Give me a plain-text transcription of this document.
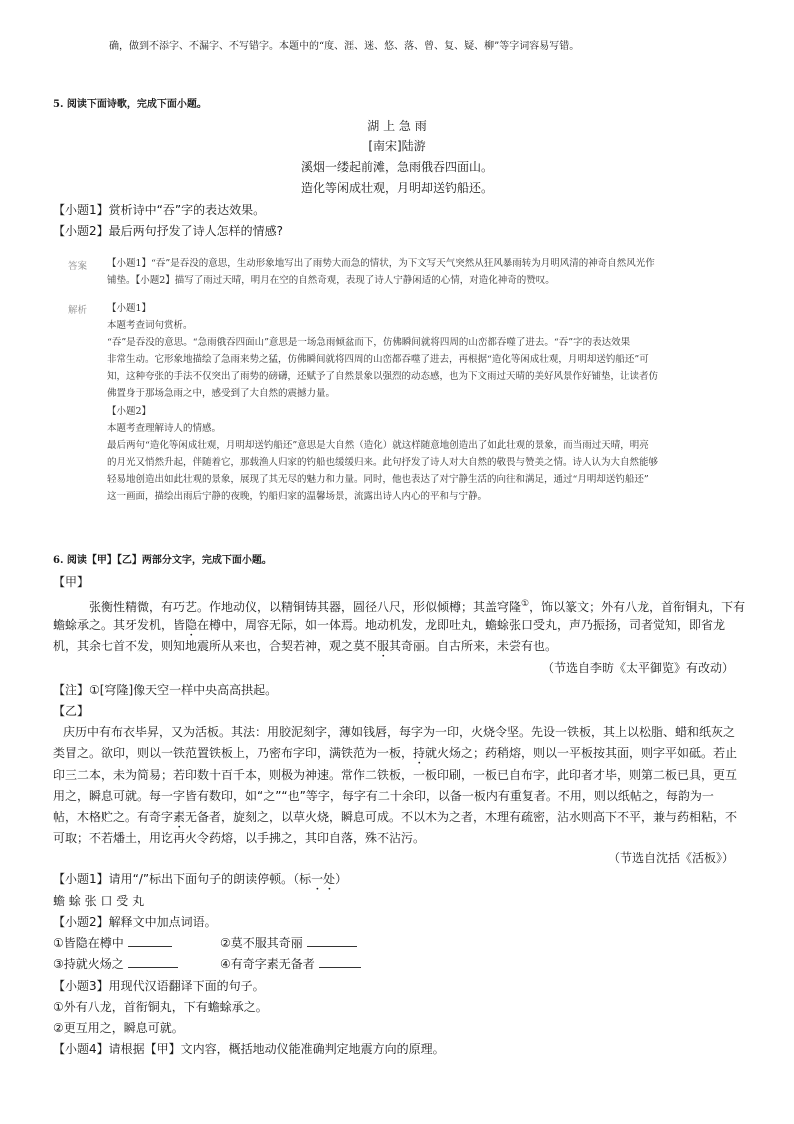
确，做到不添字、不漏字、不写错字。本题中的“度、涯、迷、悠、落、曾、复、疑、柳”等字词容易写错。

5. 阅读下面诗歌，完成下面小题。

湖 上 急 雨

[南宋]陆游

溪烟一缕起前滩，急雨俄吞四面山。

造化等闲成壮观，月明却送钓船还。

【小题1】赏析诗中“吞”字的表达效果。

【小题2】最后两句抒发了诗人怎样的情感?

答案 【小题1】“吞”是吞没的意思，生动形象地写出了雨势大而急的情状，为下文写天气突然从狂风暴雨转为月明风清的神奇自然风光作

铺垫。【小题2】描写了雨过天晴，明月在空的自然奇观，表现了诗人宁静闲适的心情，对造化神奇的赞叹。

解析 【小题1】
本题考查词句赏析。
“吞”是吞没的意思。“急雨俄吞四面山”意思是一场急雨倾盆而下，仿佛瞬间就将四周的山峦都吞噬了进去。“吞”字的表达效果
非常生动。它形象地描绘了急雨来势之猛，仿佛瞬间就将四周的山峦都吞噬了进去，再根据“造化等闲成壮观，月明却送钓船还”可
知，这种夸张的手法不仅突出了雨势的磅礴，还赋予了自然景象以强烈的动态感，也为下文雨过天晴的美好风景作好铺垫，让读者仿
佛置身于那场急雨之中，感受到了大自然的震撼力量。
【小题2】
本题考查理解诗人的情感。
最后两句“造化等闲成壮观，月明却送钓船还”意思是大自然（造化）就这样随意地创造出了如此壮观的景象，而当雨过天晴，明亮
的月光又悄然升起，伴随着它，那载渔人归家的钓船也缓缓归来。此句抒发了诗人对大自然的敬畏与赞美之情。诗人认为大自然能够
轻易地创造出如此壮观的景象，展现了其无尽的魅力和力量。同时，他也表达了对宁静生活的向往和满足，通过“月明却送钓船还”
这一画面，描绘出雨后宁静的夜晚，钓船归家的温馨场景，流露出诗人内心的平和与宁静。

6. 阅读【甲】【乙】两部分文字，完成下面小题。

【甲】

张衡性精微，有巧艺。作地动仪，以精铜铸其器，圆径八尺，形似倾樽；其盖穹隆①，饰以篆文；外有八龙，首衔铜丸，下有

蟾蜍承之。其牙发机，皆隐在樽中，周容无际，如一体焉。地动机发，龙即吐丸，蟾蜍张口受丸，声乃振扬，司者觉知，即省龙

机，其余七首不发，则知地震所从来也，合契若神，观之莫不服其奇丽。自古所来，未尝有也。

（节选自李昉《太平御览》有改动）

【注】①[穹隆]像天空一样中央高高拱起。

【乙】

庆历中有布衣毕昇，又为活板。其法：用胶泥刻字，薄如钱唇，每字为一印，火烧令坚。先设一铁板，其上以松脂、蜡和纸灰之

类冒之。欲印，则以一铁范置铁板上，乃密布字印，满铁范为一板，持就火炀之；药稍熔，则以一平板按其面，则字平如砥。若止

印三二本，未为简易；若印数十百千本，则极为神速。常作二铁板，一板印刷，一板已自布字，此印者才毕，则第二板已具，更互

用之，瞬息可就。每一字皆有数印，如“之”“也”等字，每字有二十余印，以备一板内有重复者。不用，则以纸帖之，每韵为一

帖，木格贮之。有奇字素无备者，旋刻之，以草火烧，瞬息可成。不以木为之者，木理有疏密，沾水则高下不平，兼与药相粘，不

可取；不若燔土，用讫再火令药熔，以手拂之，其印自落，殊不沾污。

（节选自沈括《活板》）

【小题1】请用“/”标出下面句子的朗读停顿。（标一处）

蟾 蜍 张 口 受 丸

【小题2】解释文中加点词语。

①皆隐在樽中	②莫不服其奇丽

③持就火炀之	④有奇字素无备者

【小题3】用现代汉语翻译下面的句子。

①外有八龙，首衔铜丸，下有蟾蜍承之。

②更互用之，瞬息可就。

【小题4】请根据【甲】文内容，概括地动仪能准确判定地震方向的原理。
